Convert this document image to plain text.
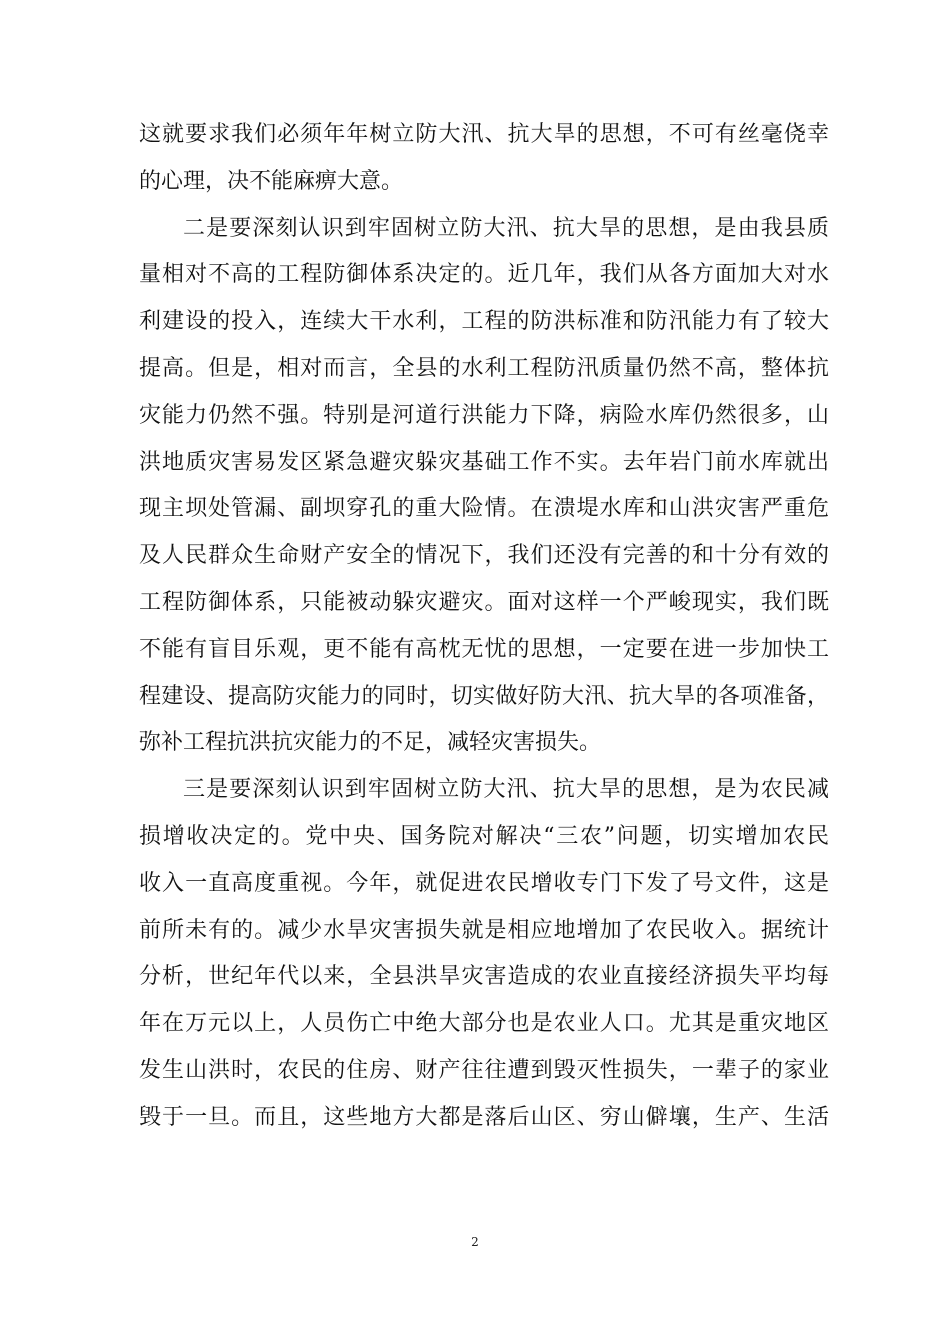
这就要求我们必须年年树立防大汛、抗大旱的思想，不可有丝毫侥幸
的心理，决不能麻痹大意。
二是要深刻认识到牢固树立防大汛、抗大旱的思想，是由我县质
量相对不高的工程防御体系决定的。近几年，我们从各方面加大对水
利建设的投入，连续大干水利，工程的防洪标准和防汛能力有了较大
提高。但是，相对而言，全县的水利工程防汛质量仍然不高，整体抗
灾能力仍然不强。特别是河道行洪能力下降，病险水库仍然很多，山
洪地质灾害易发区紧急避灾躲灾基础工作不实。去年岩门前水库就出
现主坝处管漏、副坝穿孔的重大险情。在溃堤水库和山洪灾害严重危
及人民群众生命财产安全的情况下，我们还没有完善的和十分有效的
工程防御体系，只能被动躲灾避灾。面对这样一个严峻现实，我们既
不能有盲目乐观，更不能有高枕无忧的思想，一定要在进一步加快工
程建设、提高防灾能力的同时，切实做好防大汛、抗大旱的各项准备，
弥补工程抗洪抗灾能力的不足，减轻灾害损失。
三是要深刻认识到牢固树立防大汛、抗大旱的思想，是为农民减
损增收决定的。党中央、国务院对解决“三农”问题，切实增加农民
收入一直高度重视。今年，就促进农民增收专门下发了号文件，这是
前所未有的。减少水旱灾害损失就是相应地增加了农民收入。据统计
分析，世纪年代以来，全县洪旱灾害造成的农业直接经济损失平均每
年在万元以上，人员伤亡中绝大部分也是农业人口。尤其是重灾地区
发生山洪时，农民的住房、财产往往遭到毁灭性损失，一辈子的家业
毁于一旦。而且，这些地方大都是落后山区、穷山僻壤，生产、生活
2
